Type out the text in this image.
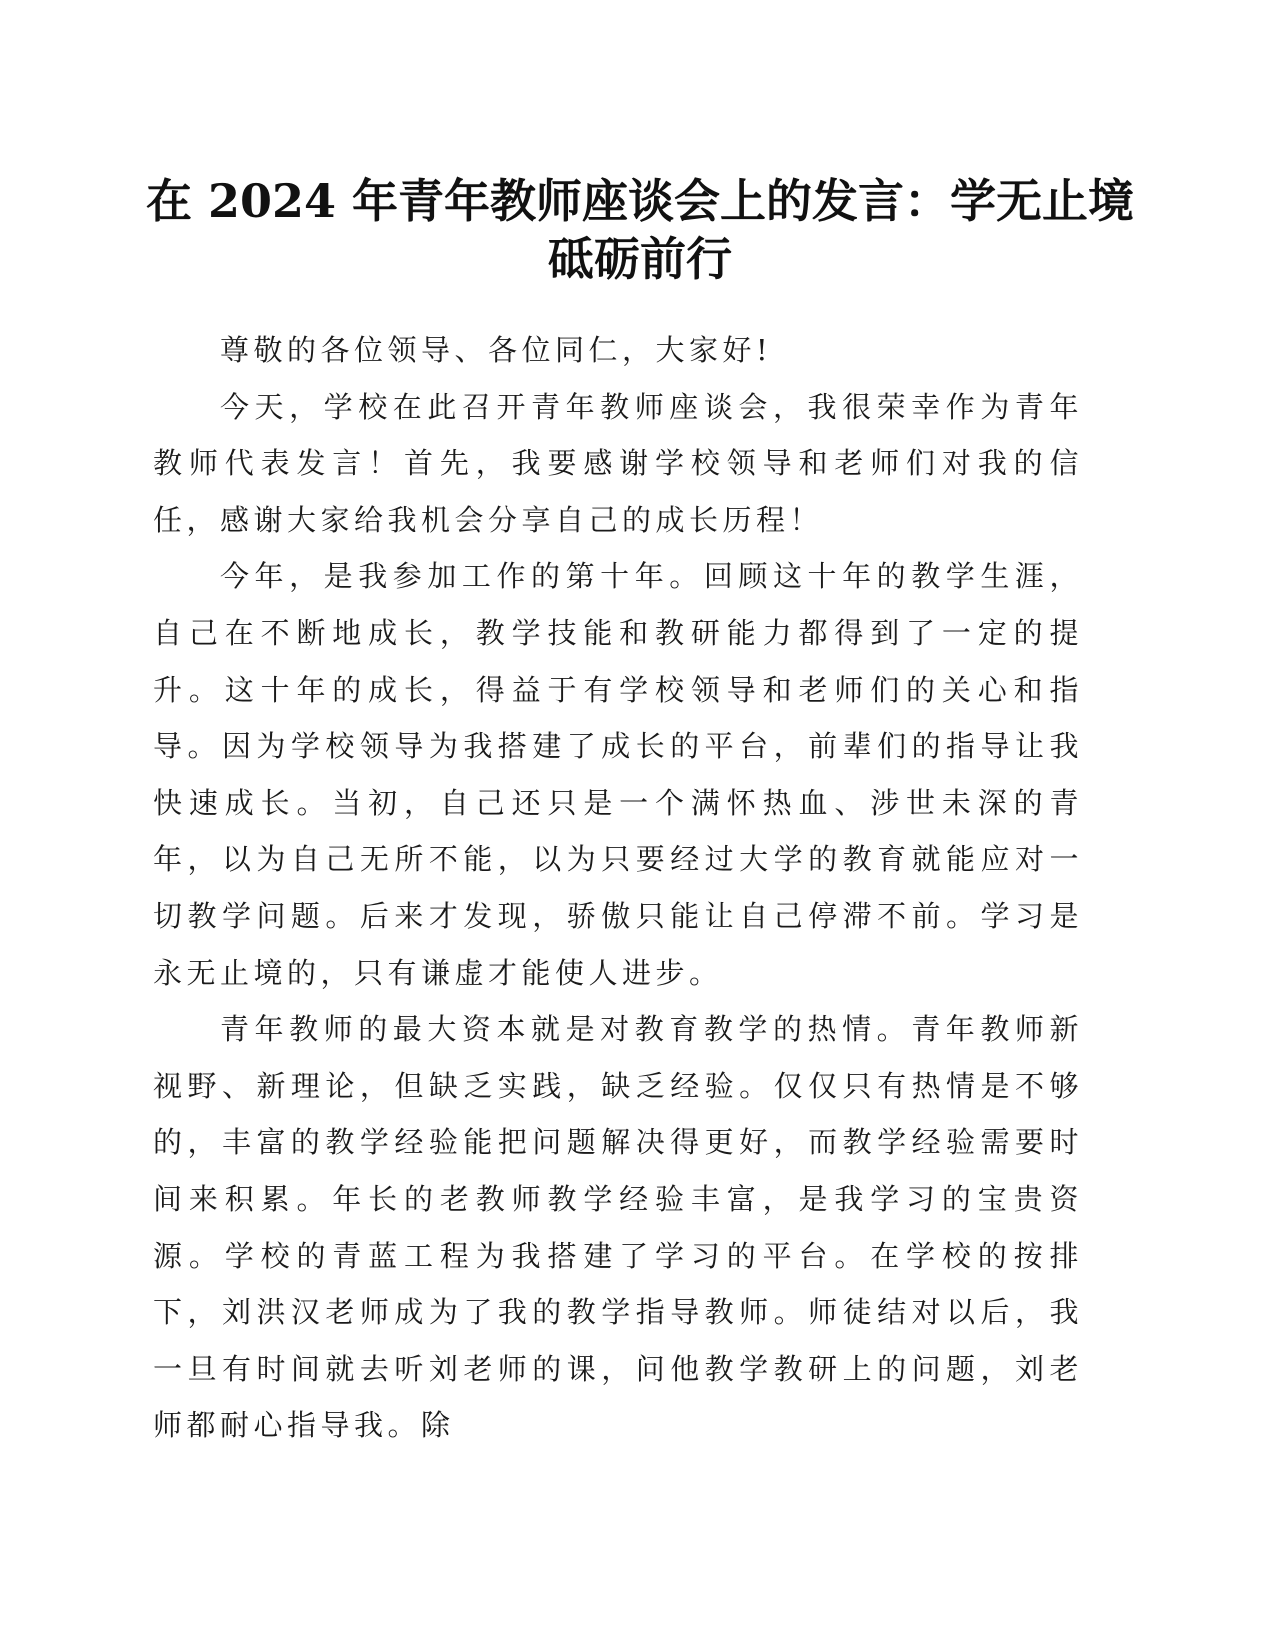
在 2024 年青年教师座谈会上的发言：学无止境
砥砺前行

尊敬的各位领导、各位同仁，大家好!

今天，学校在此召开青年教师座谈会，我很荣幸作为青年教师代表发言！首先，我要感谢学校领导和老师们对我的信任，感谢大家给我机会分享自己的成长历程！

今年，是我参加工作的第十年。回顾这十年的教学生涯，自己在不断地成长，教学技能和教研能力都得到了一定的提升。这十年的成长，得益于有学校领导和老师们的关心和指导。因为学校领导为我搭建了成长的平台，前辈们的指导让我快速成长。当初，自己还只是一个满怀热血、涉世未深的青年，以为自己无所不能，以为只要经过大学的教育就能应对一切教学问题。后来才发现，骄傲只能让自己停滞不前。学习是永无止境的，只有谦虚才能使人进步。

青年教师的最大资本就是对教育教学的热情。青年教师新视野、新理论，但缺乏实践，缺乏经验。仅仅只有热情是不够的，丰富的教学经验能把问题解决得更好，而教学经验需要时间来积累。年长的老教师教学经验丰富，是我学习的宝贵资源。学校的青蓝工程为我搭建了学习的平台。在学校的按排下，刘洪汉老师成为了我的教学指导教师。师徒结对以后，我一旦有时间就去听刘老师的课，问他教学教研上的问题，刘老师都耐心指导我。除
